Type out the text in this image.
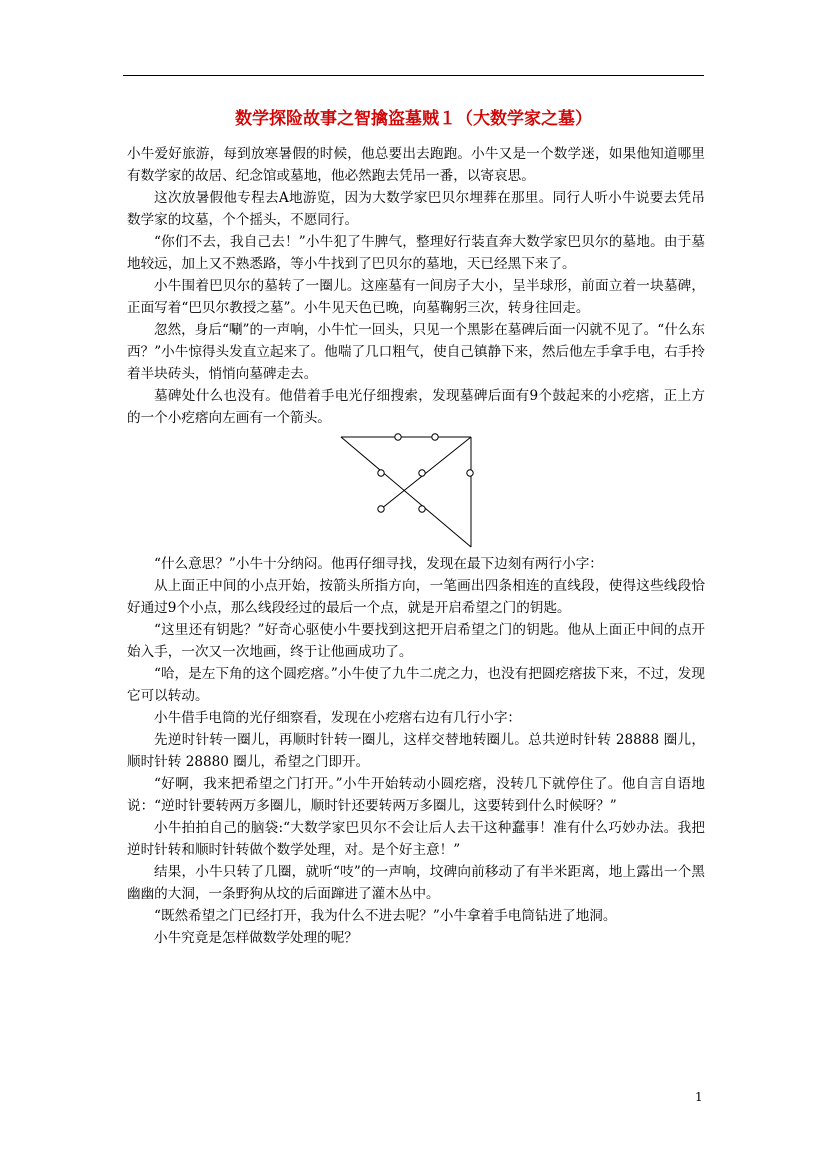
数学探险故事之智擒盗墓贼１（大数学家之墓）

小牛爱好旅游，每到放寒暑假的时候，他总要出去跑跑。小牛又是一个数学迷，如果他知道哪里有数学家的故居、纪念馆或墓地，他必然跑去凭吊一番，以寄哀思。

这次放暑假他专程去A地游览，因为大数学家巴贝尔埋葬在那里。同行人听小牛说要去凭吊数学家的坟墓，个个摇头，不愿同行。

“你们不去，我自己去！”小牛犯了牛脾气，整理好行装直奔大数学家巴贝尔的墓地。由于墓地较远，加上又不熟悉路，等小牛找到了巴贝尔的墓地，天已经黑下来了。

小牛围着巴贝尔的墓转了一圈儿。这座墓有一间房子大小，呈半球形，前面立着一块墓碑，正面写着“巴贝尔教授之墓”。小牛见天色已晚，向墓鞠躬三次，转身往回走。

忽然，身后“唰”的一声响，小牛忙一回头，只见一个黑影在墓碑后面一闪就不见了。“什么东西？”小牛惊得头发直立起来了。他喘了几口粗气，使自己镇静下来，然后他左手拿手电，右手拎着半块砖头，悄悄向墓碑走去。

墓碑处什么也没有。他借着手电光仔细搜索，发现墓碑后面有9个鼓起来的小疙瘩，正上方的一个小疙瘩向左画有一个箭头。

“什么意思？”小牛十分纳闷。他再仔细寻找，发现在最下边刻有两行小字：

从上面正中间的小点开始，按箭头所指方向，一笔画出四条相连的直线段，使得这些线段恰好通过9个小点，那么线段经过的最后一个点，就是开启希望之门的钥匙。

“这里还有钥匙？”好奇心驱使小牛要找到这把开启希望之门的钥匙。他从上面正中间的点开始入手，一次又一次地画，终于让他画成功了。

“哈，是左下角的这个圆疙瘩。”小牛使了九牛二虎之力，也没有把圆疙瘩拔下来，不过，发现它可以转动。

小牛借手电筒的光仔细察看，发现在小疙瘩右边有几行小字：

先逆时针转一圈儿，再顺时针转一圈儿，这样交替地转圈儿。总共逆时针转 28888 圈儿，顺时针转 28880 圈儿，希望之门即开。

“好啊，我来把希望之门打开。”小牛开始转动小圆疙瘩，没转几下就停住了。他自言自语地说：“逆时针要转两万多圈儿，顺时针还要转两万多圈儿，这要转到什么时候呀？”

小牛拍拍自己的脑袋:“大数学家巴贝尔不会让后人去干这种蠢事！准有什么巧妙办法。我把逆时针转和顺时针转做个数学处理，对。是个好主意！”

结果，小牛只转了几圈，就听“吱”的一声响，坟碑向前移动了有半米距离，地上露出一个黑幽幽的大洞，一条野狗从坟的后面蹿进了灌木丛中。

“既然希望之门已经打开，我为什么不进去呢？”小牛拿着手电筒钻进了地洞。

小牛究竟是怎样做数学处理的呢？

1
